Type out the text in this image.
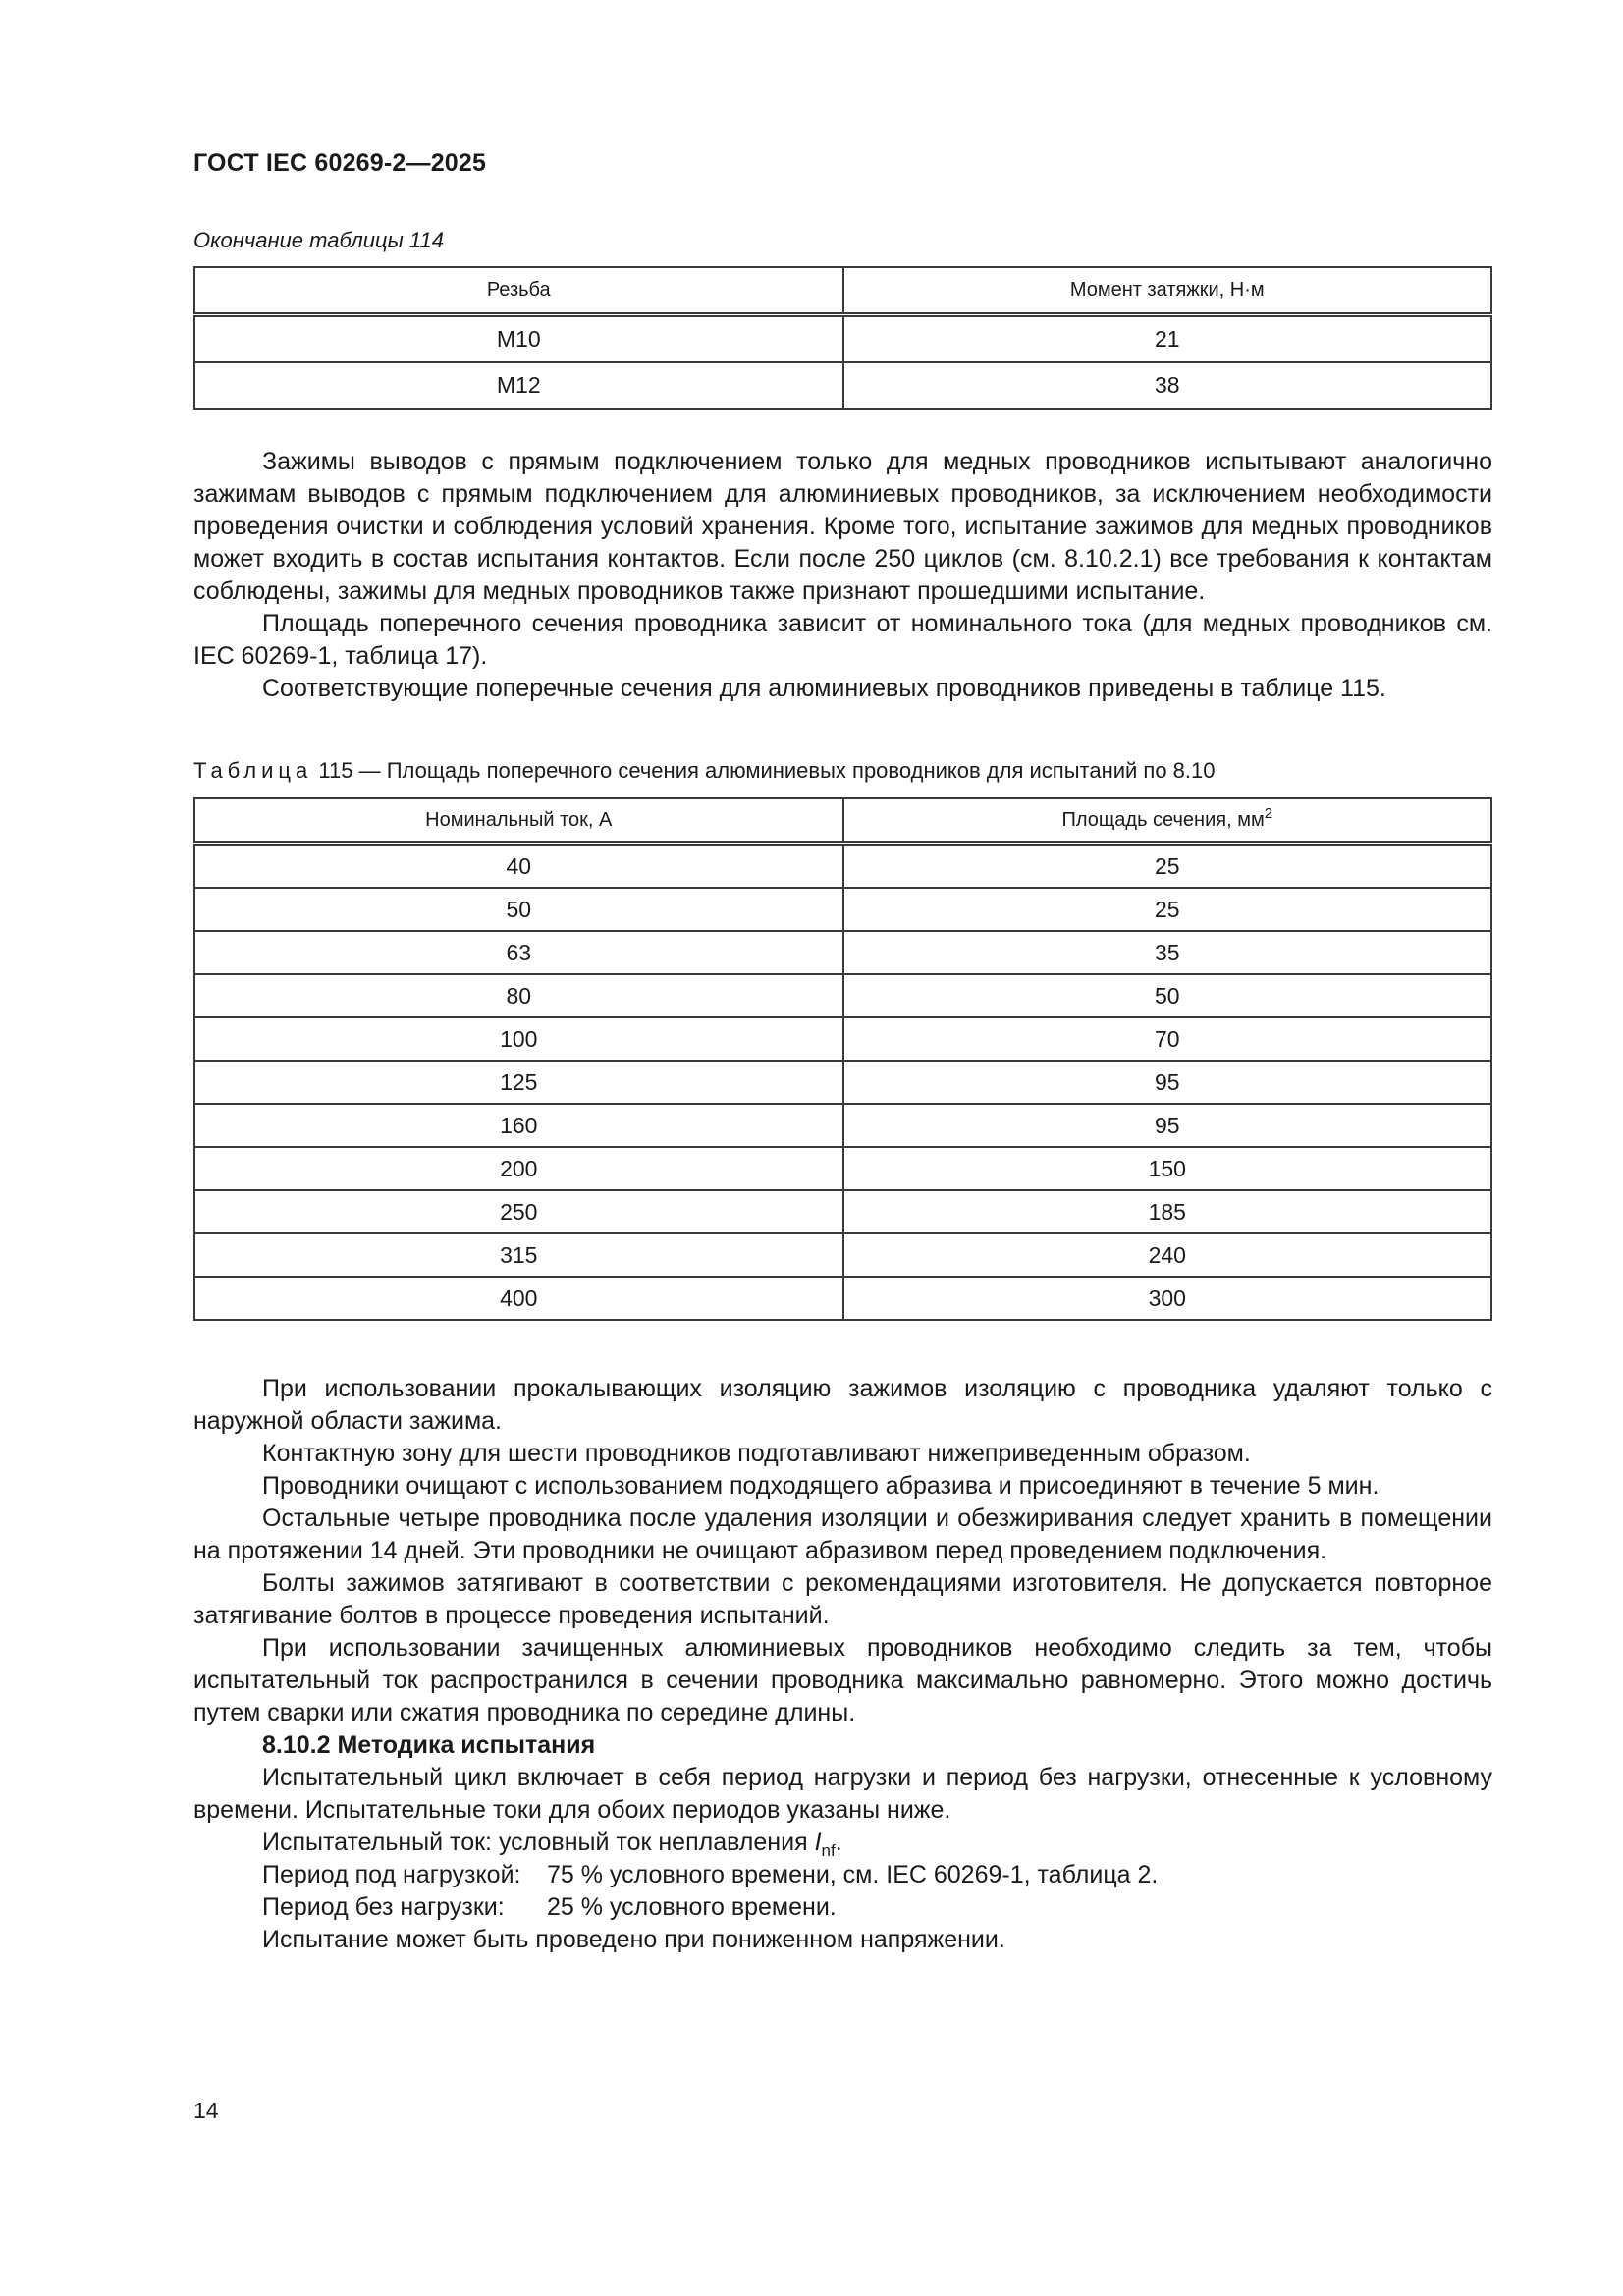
ГОСТ IEC 60269-2—2025
Окончание таблицы 114
Резьба	Момент затяжки, Н·м
М10	21
М12	38

Зажимы выводов с прямым подключением только для медных проводников испытывают аналогично зажимам выводов с прямым подключением для алюминиевых проводников, за исключением необходимости проведения очистки и соблюдения условий хранения. Кроме того, испытание зажимов для медных проводников может входить в состав испытания контактов. Если после 250 циклов (см. 8.10.2.1) все требования к контактам соблюдены, зажимы для медных проводников также признают прошедшими испытание.

Площадь поперечного сечения проводника зависит от номинального тока (для медных проводников см. IEC 60269-1, таблица 17).

Соответствующие поперечные сечения для алюминиевых проводников приведены в таблице 115.

Таблица 115 — Площадь поперечного сечения алюминиевых проводников для испытаний по 8.10
Номинальный ток, А	Площадь сечения, $мм^2$
40	25
50	25
63	35
80	50
100	70
125	95
160	95
200	150
250	185
315	240
400	300

При использовании прокалывающих изоляцию зажимов изоляцию с проводника удаляют только с наружной области зажима.

Контактную зону для шести проводников подготавливают нижеприведенным образом.

Проводники очищают с использованием подходящего абразива и присоединяют в течение 5 мин.

Остальные четыре проводника после удаления изоляции и обезжиривания следует хранить в помещении на протяжении 14 дней. Эти проводники не очищают абразивом перед проведением подключения.

Болты зажимов затягивают в соответствии с рекомендациями изготовителя. Не допускается повторное затягивание болтов в процессе проведения испытаний.

При использовании зачищенных алюминиевых проводников необходимо следить за тем, чтобы испытательный ток распространился в сечении проводника максимально равномерно. Этого можно достичь путем сварки или сжатия проводника по середине длины.

8.10.2 Методика испытания

Испытательный цикл включает в себя период нагрузки и период без нагрузки, отнесенные к условному времени. Испытательные токи для обоих периодов указаны ниже.

Испытательный ток: условный ток неплавления $I_{nf}$.
Период под нагрузкой: 75 % условного времени, см. IEC 60269-1, таблица 2.
Период без нагрузки: 25 % условного времени.
Испытание может быть проведено при пониженном напряжении.
14
